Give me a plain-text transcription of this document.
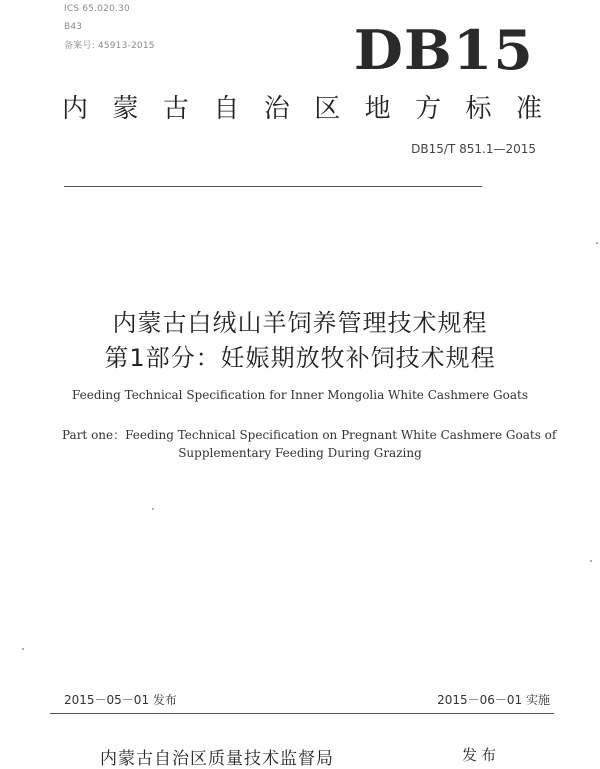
ICS 65.020.30
B43
备案号: 45913-2015	DB15
内 蒙 古 自 治 区 地 方 标 准
DB15/T 851.1—2015
内蒙古白绒山羊饲养管理技术规程
第1部分：妊娠期放牧补饲技术规程
Feeding Technical Specification for Inner Mongolia White Cashmere Goats
Part one：Feeding Technical Specification on Pregnant White Cashmere Goats of
Supplementary Feeding During Grazing
2015－05－01 发布	2015－06－01 实施
内蒙古自治区质量技术监督局	发布
